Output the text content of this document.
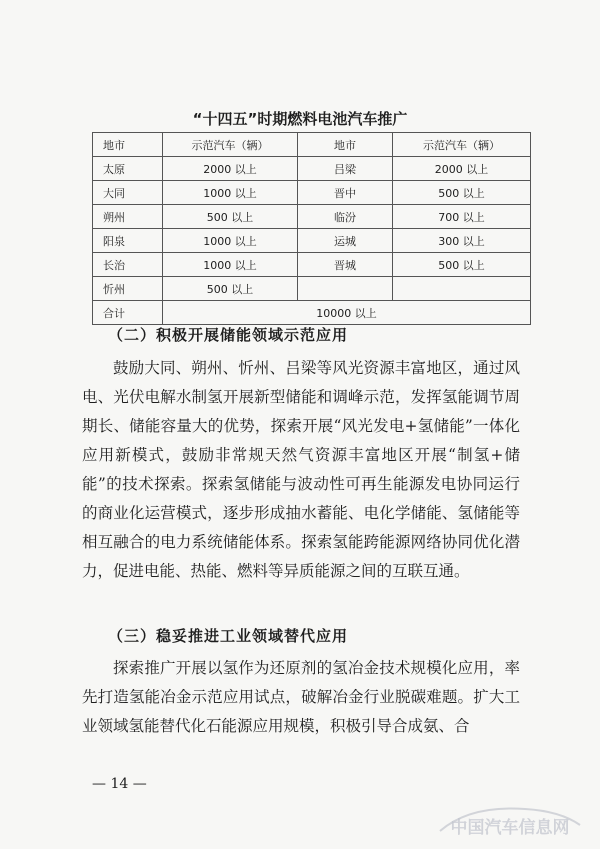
“十四五”时期燃料电池汽车推广
地市	示范汽车（辆）	地市	示范汽车（辆）
太原	2000 以上	吕梁	2000 以上
大同	1000 以上	晋中	500 以上
朔州	500 以上	临汾	700 以上
阳泉	1000 以上	运城	300 以上
长治	1000 以上	晋城	500 以上
忻州	500 以上		
合计	10000 以上		
（二）积极开展储能领域示范应用

鼓励大同、朔州、忻州、吕梁等风光资源丰富地区，通过风电、光伏电解水制氢开展新型储能和调峰示范，发挥氢能调节周期长、储能容量大的优势，探索开展“风光发电+氢储能”一体化应用新模式，鼓励非常规天然气资源丰富地区开展“制氢+储能”的技术探索。探索氢储能与波动性可再生能源发电协同运行的商业化运营模式，逐步形成抽水蓄能、电化学储能、氢储能等相互融合的电力系统储能体系。探索氢能跨能源网络协同优化潜力，促进电能、热能、燃料等异质能源之间的互联互通。

（三）稳妥推进工业领域替代应用

探索推广开展以氢作为还原剂的氢冶金技术规模化应用，率先打造氢能冶金示范应用试点，破解冶金行业脱碳难题。扩大工业领域氢能替代化石能源应用规模，积极引导合成氨、合

— 14 —
中国汽车信息网
